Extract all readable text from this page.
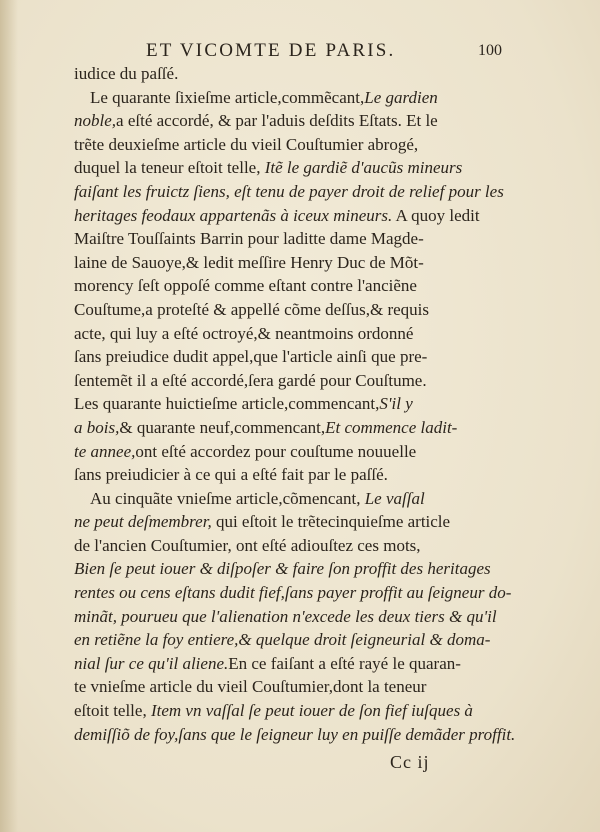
ET VICOMTE DE PARIS.	100
iudice du paſſé.
Le quarante ſixieſme article,commẽcant,Le gardien
noble,a eſté accordé, & par l'aduis deſdits Eſtats. Et le
trẽte deuxieſme article du vieil Couſtumier abrogé,
duquel la teneur eſtoit telle, Itẽ le gardiẽ d'aucũs mineurs
faiſant les fruictz ſiens, eſt tenu de payer droit de relief pour les
heritages feodaux appartenãs à iceux mineurs. A quoy ledit
Maiſtre Touſſaints Barrin pour laditte dame Magde-
laine de Sauoye,& ledit meſſire Henry Duc de Mõt-
morency ſeſt oppoſé comme eſtant contre l'anciẽne
Couſtume,a proteſté & appellé cõme deſſus,& requis
acte, qui luy a eſté octroyé,& neantmoins ordonné
ſans preiudice dudit appel,que l'article ainſi que pre-
ſentemẽt il a eſté accordé,ſera gardé pour Couſtume.
Les quarante huictieſme article,commencant,S'il y
a bois,& quarante neuf,commencant,Et commence ladit-
te annee,ont eſté accordez pour couſtume nouuelle
ſans preiudicier à ce qui a eſté fait par le paſſé.
Au cinquãte vnieſme article,cõmencant, Le vaſſal
ne peut deſmembrer, qui eſtoit le trẽtecinquieſme article
de l'ancien Couſtumier, ont eſté adiouſtez ces mots,
Bien ſe peut iouer & diſpoſer & faire ſon proffit des heritages
rentes ou cens eſtans dudit fief,ſans payer proffit au ſeigneur do-
minãt, pourueu que l'alienation n'excede les deux tiers & qu'il
en retiẽne la foy entiere,& quelque droit ſeigneurial & doma-
nial ſur ce qu'il aliene.En ce faiſant a eſté rayé le quaran-
te vnieſme article du vieil Couſtumier,dont la teneur
eſtoit telle, Item vn vaſſal ſe peut iouer de ſon fief iuſques à
demiſſiõ de foy,ſans que le ſeigneur luy en puiſſe demãder proffit.
Cc ij
